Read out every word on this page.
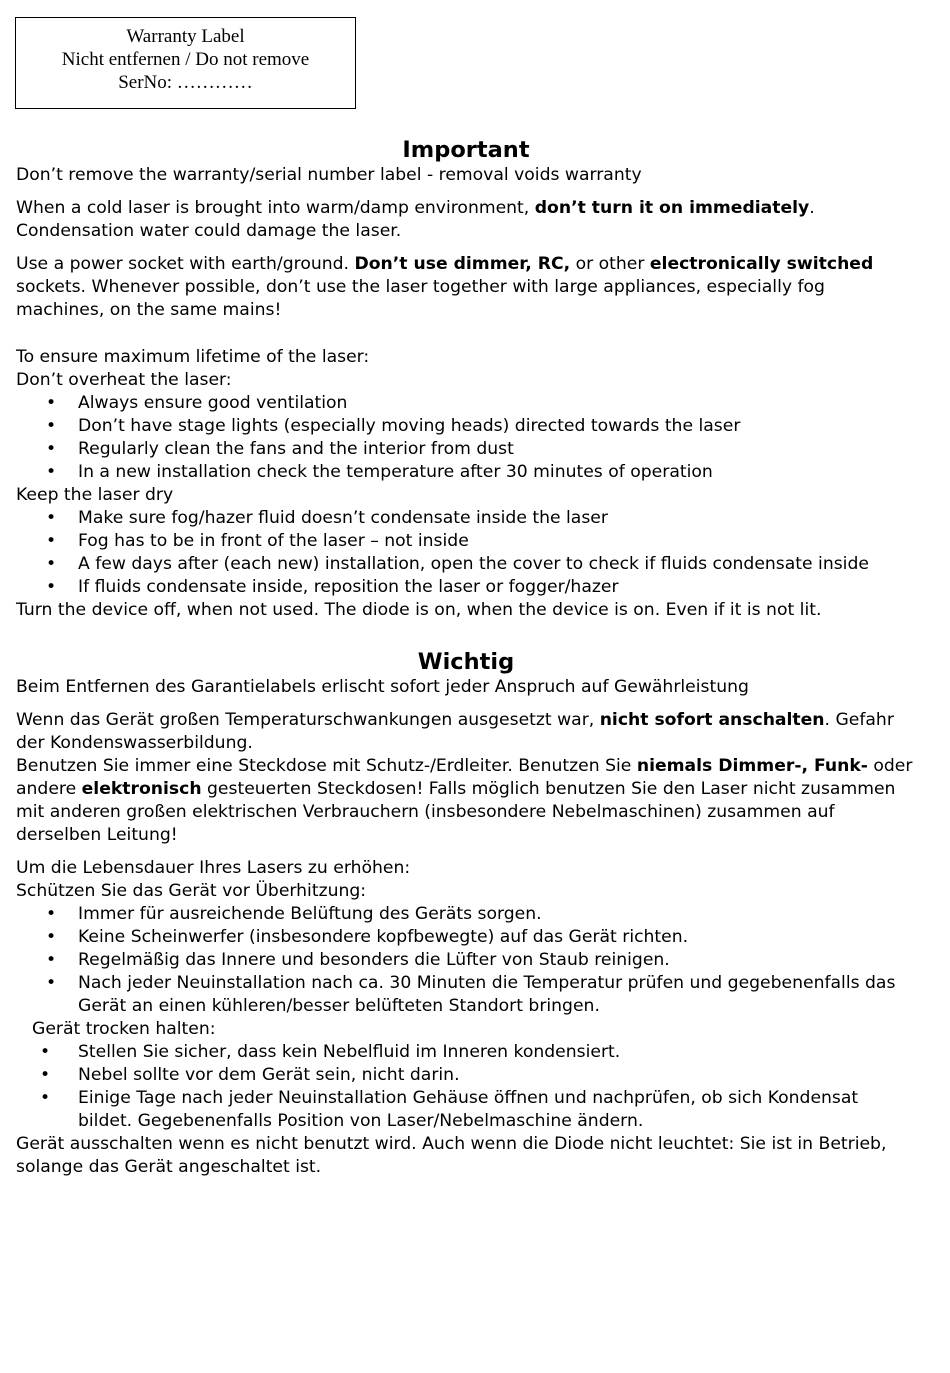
Warranty Label
Nicht entfernen / Do not remove
SerNo: …………
Important

Don’t remove the warranty/serial number label - removal voids warranty

When a cold laser is brought into warm/damp environment, don’t turn it on immediately. Condensation water could damage the laser.

Use a power socket with earth/ground. Don’t use dimmer, RC, or other electronically switched sockets. Whenever possible, don’t use the laser together with large appliances, especially fog machines, on the same mains!

To ensure maximum lifetime of the laser:

Don’t overheat the laser:

• Always ensure good ventilation
• Don’t have stage lights (especially moving heads) directed towards the laser
• Regularly clean the fans and the interior from dust
• In a new installation check the temperature after 30 minutes of operation

Keep the laser dry

• Make sure fog/hazer fluid doesn’t condensate inside the laser
• Fog has to be in front of the laser – not inside
• A few days after (each new) installation, open the cover to check if fluids condensate inside
• If fluids condensate inside, reposition the laser or fogger/hazer

Turn the device off, when not used. The diode is on, when the device is on. Even if it is not lit.

Wichtig

Beim Entfernen des Garantielabels erlischt sofort jeder Anspruch auf Gewährleistung

Wenn das Gerät großen Temperaturschwankungen ausgesetzt war, nicht sofort anschalten. Gefahr der Kondenswasserbildung.

Benutzen Sie immer eine Steckdose mit Schutz-/Erdleiter. Benutzen Sie niemals Dimmer-, Funk- oder andere elektronisch gesteuerten Steckdosen! Falls möglich benutzen Sie den Laser nicht zusammen mit anderen großen elektrischen Verbrauchern (insbesondere Nebelmaschinen) zusammen auf derselben Leitung!

Um die Lebensdauer Ihres Lasers zu erhöhen:

Schützen Sie das Gerät vor Überhitzung:

• Immer für ausreichende Belüftung des Geräts sorgen.
• Keine Scheinwerfer (insbesondere kopfbewegte) auf das Gerät richten.
• Regelmäßig das Innere und besonders die Lüfter von Staub reinigen.
• Nach jeder Neuinstallation nach ca. 30 Minuten die Temperatur prüfen und gegebenenfalls das Gerät an einen kühleren/besser belüfteten Standort bringen.

Gerät trocken halten:

• Stellen Sie sicher, dass kein Nebelfluid im Inneren kondensiert.
• Nebel sollte vor dem Gerät sein, nicht darin.
• Einige Tage nach jeder Neuinstallation Gehäuse öffnen und nachprüfen, ob sich Kondensat bildet. Gegebenenfalls Position von Laser/Nebelmaschine ändern.

Gerät ausschalten wenn es nicht benutzt wird. Auch wenn die Diode nicht leuchtet: Sie ist in Betrieb, solange das Gerät angeschaltet ist.
